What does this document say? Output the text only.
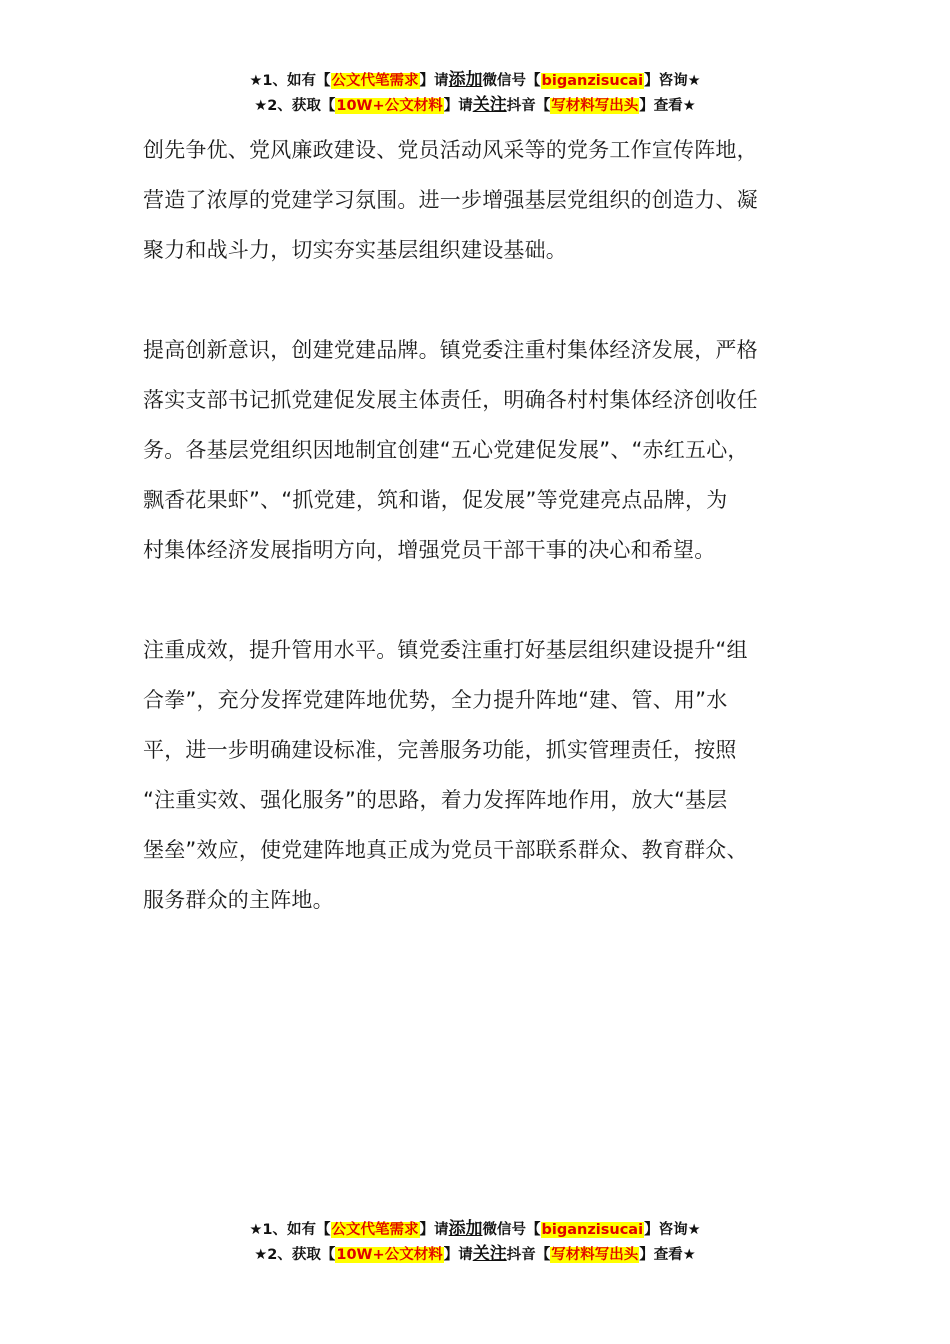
★1、如有【公文代笔需求】请添加微信号【biganzisucai】咨询★
★2、获取【10W+公文材料】请关注抖音【写材料写出头】查看★

创先争优、党风廉政建设、党员活动风采等的党务工作宣传阵地，

营造了浓厚的党建学习氛围。进一步增强基层党组织的创造力、凝

聚力和战斗力，切实夯实基层组织建设基础。

提高创新意识，创建党建品牌。镇党委注重村集体经济发展，严格

落实支部书记抓党建促发展主体责任，明确各村村集体经济创收任

务。各基层党组织因地制宜创建“五心党建促发展”、“赤红五心，

飘香花果虾”、“抓党建，筑和谐，促发展”等党建亮点品牌，为

村集体经济发展指明方向，增强党员干部干事的决心和希望。

注重成效，提升管用水平。镇党委注重打好基层组织建设提升“组

合拳”，充分发挥党建阵地优势，全力提升阵地“建、管、用”水

平，进一步明确建设标准，完善服务功能，抓实管理责任，按照

“注重实效、强化服务”的思路，着力发挥阵地作用，放大“基层

堡垒”效应，使党建阵地真正成为党员干部联系群众、教育群众、

服务群众的主阵地。

★1、如有【公文代笔需求】请添加微信号【biganzisucai】咨询★
★2、获取【10W+公文材料】请关注抖音【写材料写出头】查看★
